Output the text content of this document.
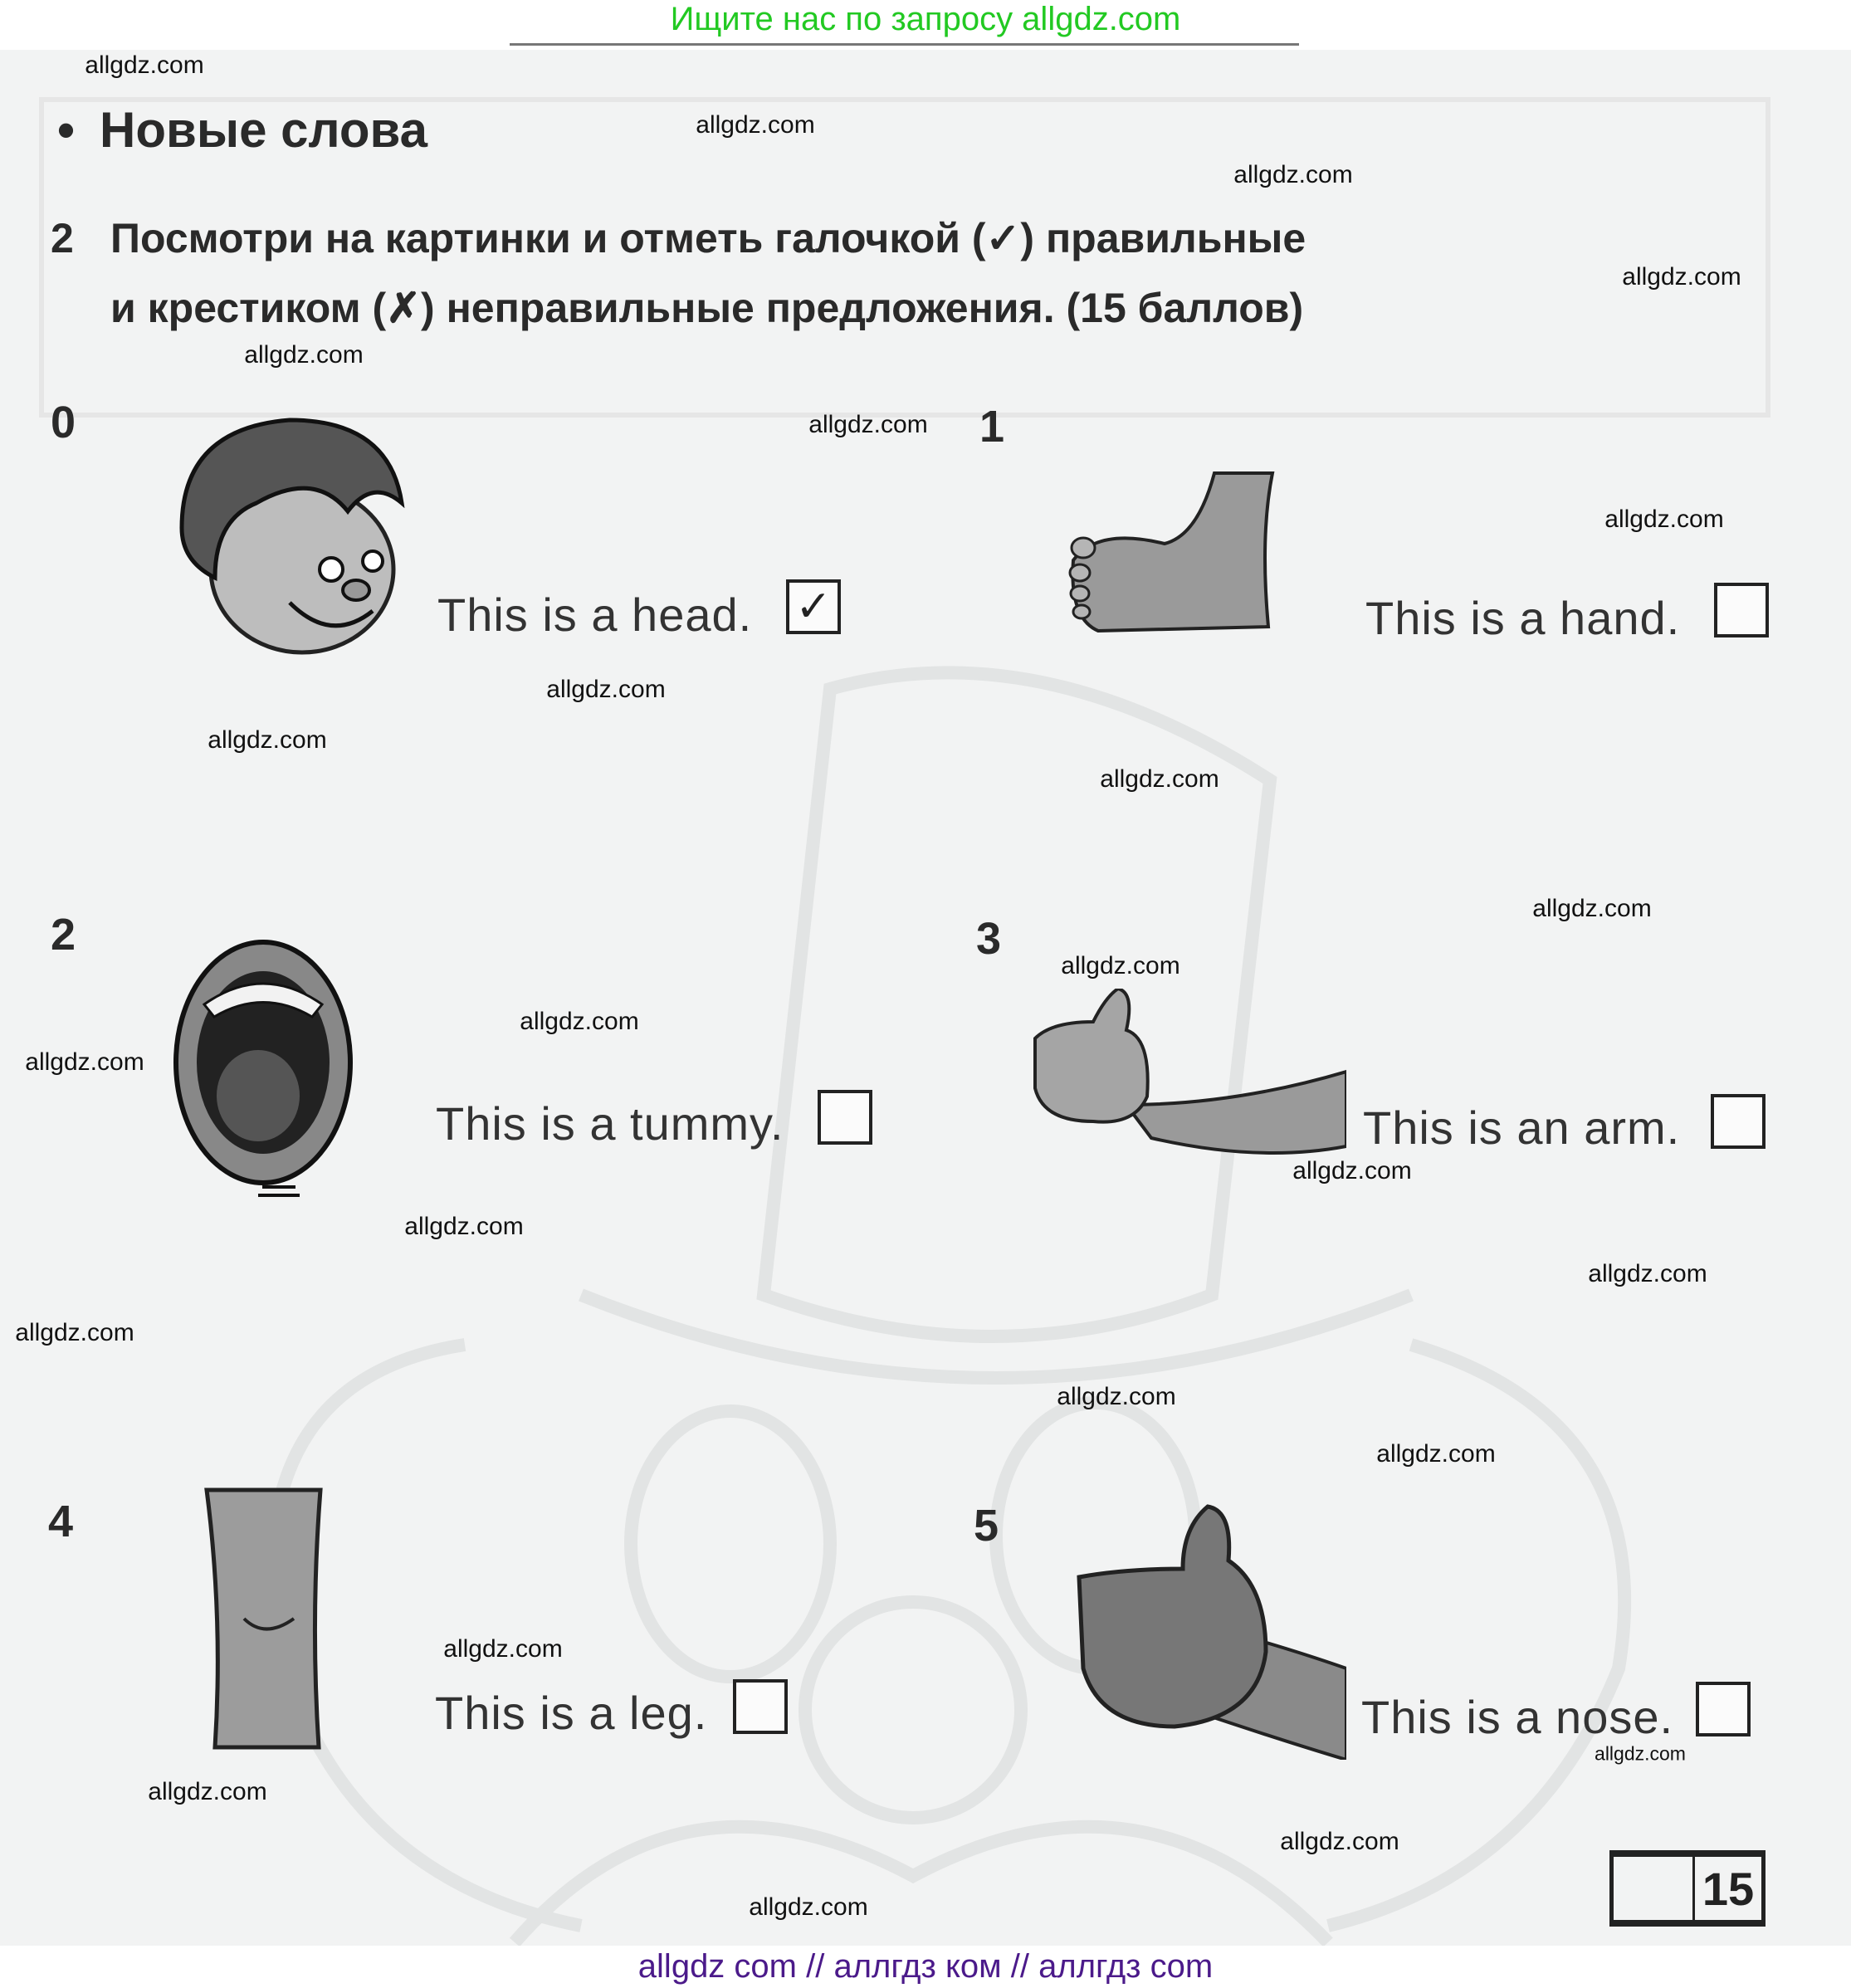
Ищите нас по запросу allgdz.com
• Новые слова
2 Посмотри на картинки и отметь галочкой (✓) правильные
и крестиком (✗) неправильные предложения. (15 баллов)
0
This is a head. ✓
1
This is a hand.
2
This is a tummy.
3
This is an arm.
4
This is a leg.
5
This is a nose.
15
allgdz.com
allgdz.com
allgdz.com
allgdz.com
allgdz.com
allgdz.com
allgdz.com
allgdz.com
allgdz.com
allgdz.com
allgdz.com
allgdz.com
allgdz.com
allgdz.com
allgdz.com
allgdz.com
allgdz.com
allgdz.com
allgdz.com
allgdz.com
allgdz.com
allgdz.com
allgdz.com
allgdz.com
allgdz.com
allgdz com // аллгдз ком // аллгдз com
